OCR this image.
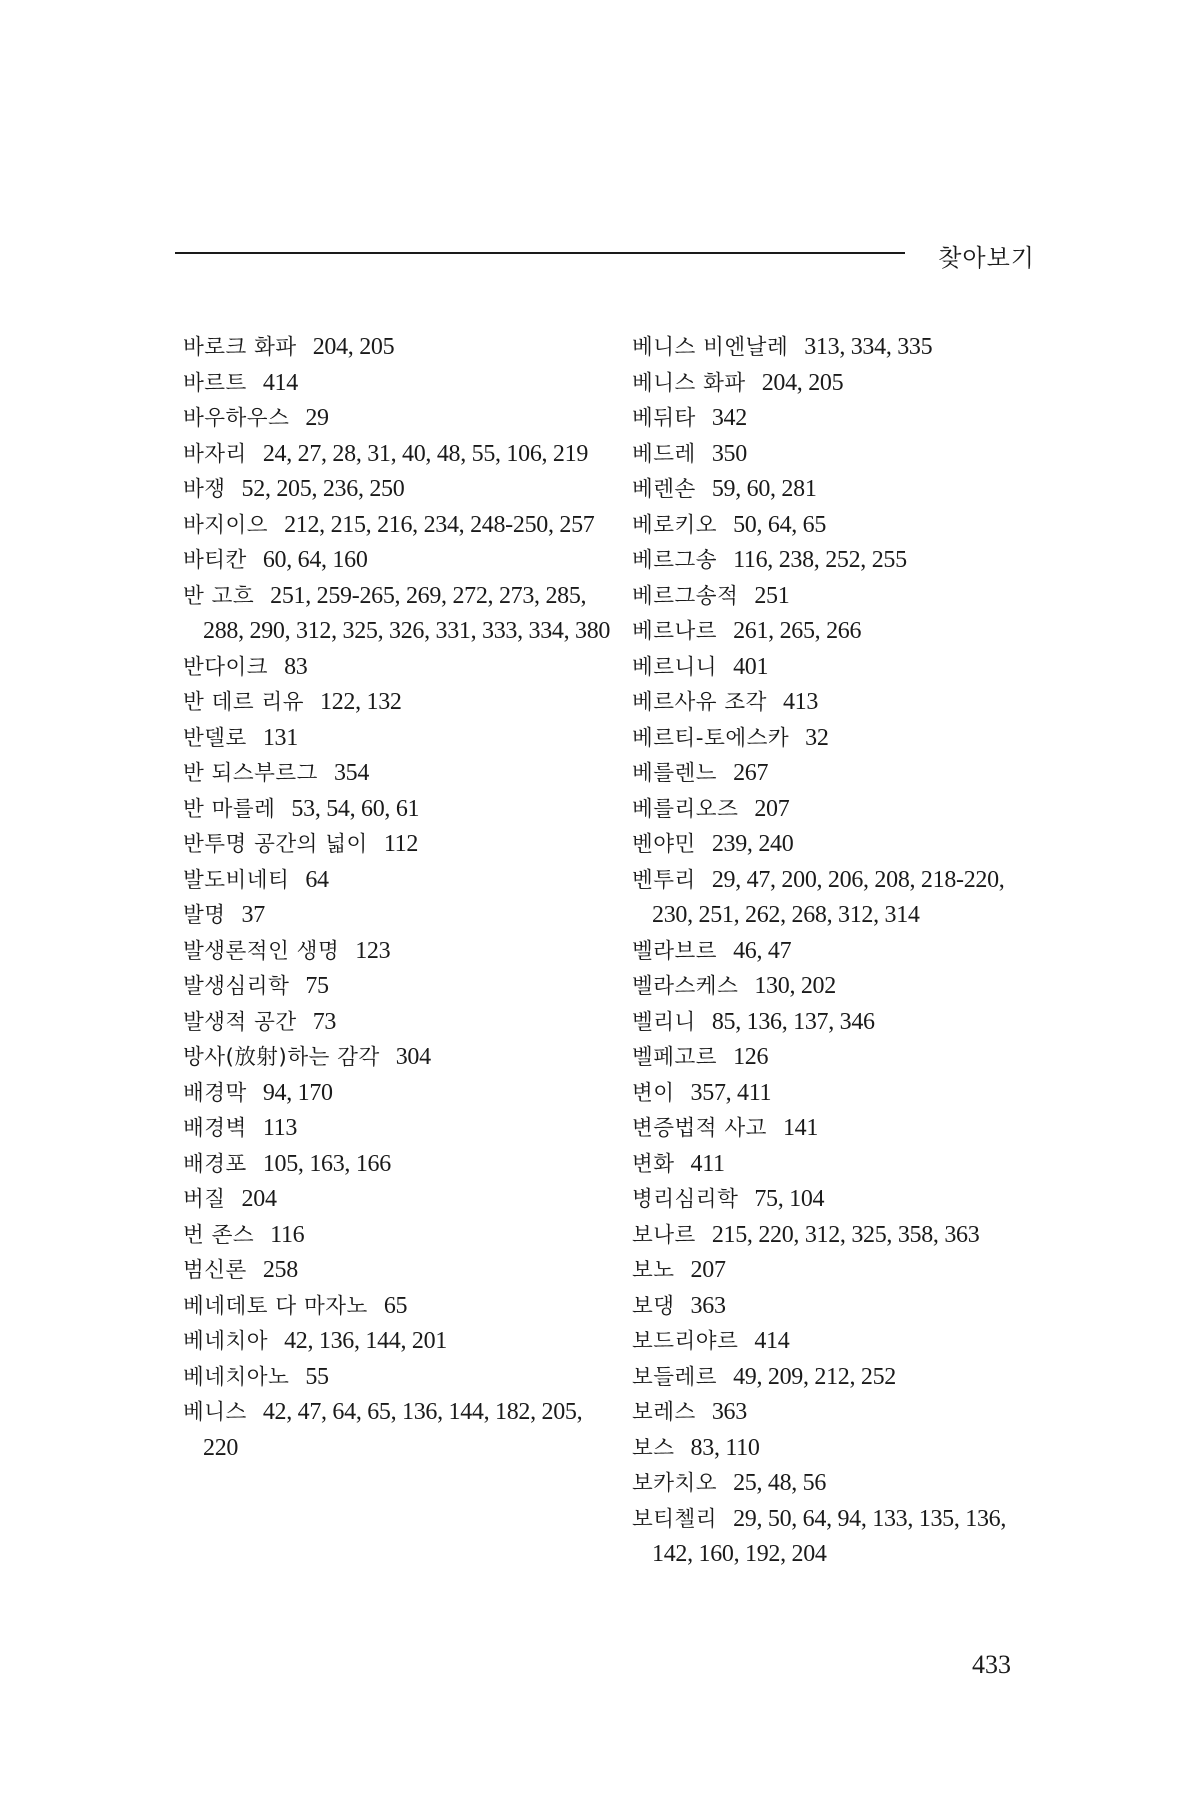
찾아보기
바로크 화파 204, 205
바르트 414
바우하우스 29
바자리 24, 27, 28, 31, 40, 48, 55, 106, 219
바쟁 52, 205, 236, 250
바지이으 212, 215, 216, 234, 248-250, 257
바티칸 60, 64, 160
반 고흐 251, 259-265, 269, 272, 273, 285, 288, 290, 312, 325, 326, 331, 333, 334, 380
반다이크 83
반 데르 리유 122, 132
반델로 131
반 되스부르그 354
반 마를레 53, 54, 60, 61
반투명 공간의 넓이 112
발도비네티 64
발명 37
발생론적인 생명 123
발생심리학 75
발생적 공간 73
방사(放射)하는 감각 304
배경막 94, 170
배경벽 113
배경포 105, 163, 166
버질 204
번 존스 116
범신론 258
베네데토 다 마자노 65
베네치아 42, 136, 144, 201
베네치아노 55
베니스 42, 47, 64, 65, 136, 144, 182, 205, 220
베니스 비엔날레 313, 334, 335
베니스 화파 204, 205
베뒤타 342
베드레 350
베렌손 59, 60, 281
베로키오 50, 64, 65
베르그송 116, 238, 252, 255
베르그송적 251
베르나르 261, 265, 266
베르니니 401
베르사유 조각 413
베르티-토에스카 32
베를렌느 267
베를리오즈 207
벤야민 239, 240
벤투리 29, 47, 200, 206, 208, 218-220, 230, 251, 262, 268, 312, 314
벨라브르 46, 47
벨라스케스 130, 202
벨리니 85, 136, 137, 346
벨페고르 126
변이 357, 411
변증법적 사고 141
변화 411
병리심리학 75, 104
보나르 215, 220, 312, 325, 358, 363
보노 207
보댕 363
보드리야르 414
보들레르 49, 209, 212, 252
보레스 363
보스 83, 110
보카치오 25, 48, 56
보티첼리 29, 50, 64, 94, 133, 135, 136, 142, 160, 192, 204
433
